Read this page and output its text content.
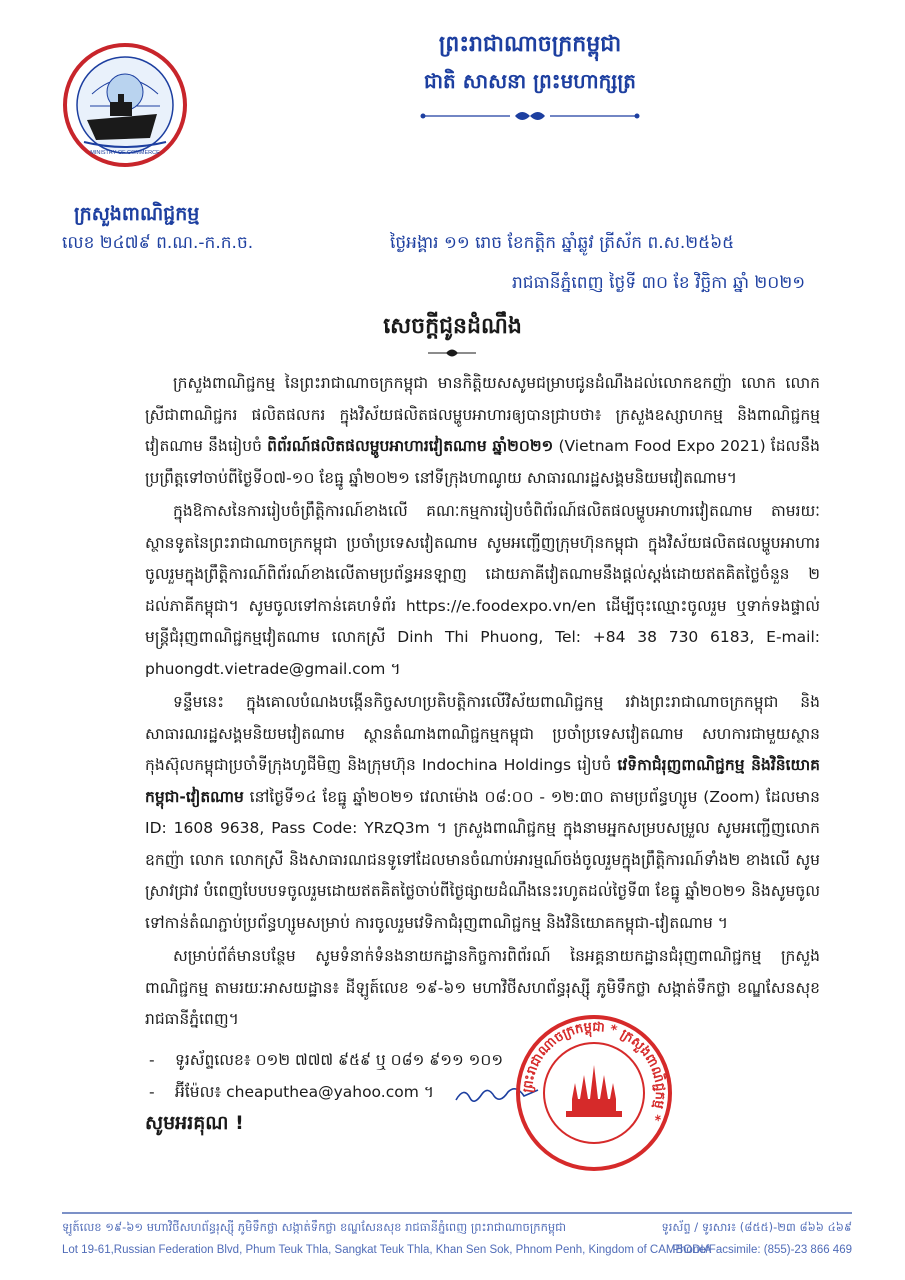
MINISTRY OF COMMERCE
ក្រសួងពាណិជ្ជកម្ម
ព្រះរាជាណាចក្រកម្ពុជា
ជាតិ សាសនា ព្រះមហាក្សត្រ
លេខ ២៤៧៩ ព.ណ.-ក.ក.ច.	ថ្ងៃអង្គារ ១១ រោច ខែកត្តិក ឆ្នាំឆ្លូវ ត្រីស័ក ព.ស.២៥៦៥
រាជធានីភ្នំពេញ ថ្ងៃទី ៣០ ខែ វិច្ឆិកា ឆ្នាំ ២០២១
សេចក្តីជូនដំណឹង

ក្រសួងពាណិជ្ជកម្ម នៃព្រះរាជាណាចក្រកម្ពុជា មានកិត្តិយសសូមជម្រាបជូនដំណឹងដល់លោកឧកញ៉ា លោក លោកស្រីជាពាណិជ្ជករ ផលិតផលករ ក្នុងវិស័យផលិតផលម្ហូបអាហារឲ្យបានជ្រាបថា៖ ក្រសួងឧស្សាហកម្ម និងពាណិជ្ជកម្មវៀតណាម នឹងរៀបចំ ពិព័រណ៍ផលិតផលម្ហូបអាហារវៀតណាម ឆ្នាំ២០២១ (Vietnam Food Expo 2021) ដែលនឹងប្រព្រឹត្តទៅចាប់ពីថ្ងៃទី០៧-១០ ខែធ្នូ ឆ្នាំ២០២១ នៅទីក្រុងហាណូយ សាធារណរដ្ឋសង្គមនិយមវៀតណាម។

ក្នុងឱកាសនៃការរៀបចំព្រឹត្តិការណ៍ខាងលើ គណៈកម្មការរៀបចំពិព័រណ៍ផលិតផលម្ហូបអាហារវៀតណាម តាមរយៈស្ថានទូតនៃព្រះរាជាណាចក្រកម្ពុជា ប្រចាំប្រទេសវៀតណាម សូមអញ្ជើញក្រុមហ៊ុនកម្ពុជា ក្នុងវិស័យផលិតផលម្ហូបអាហារ ចូលរួមក្នុងព្រឹត្តិការណ៍ពិព័រណ៍ខាងលើតាមប្រព័ន្ធអនឡាញ ដោយភាគីវៀតណាមនឹងផ្តល់ស្តង់ដោយឥតគិតថ្លៃចំនួន ២ ដល់ភាគីកម្ពុជា។ សូមចូលទៅកាន់គេហទំព័រ https://e.foodexpo.vn/en ដើម្បីចុះឈ្មោះចូលរួម ឬទាក់ទងផ្ទាល់មន្ត្រីជំរុញពាណិជ្ជកម្មវៀតណាម លោកស្រី Dinh Thi Phuong, Tel: +84 38 730 6183, E-mail: phuongdt.vietrade@gmail.com ។

ទន្ទឹមនេះ ក្នុងគោលបំណងបង្កើនកិច្ចសហប្រតិបត្តិការលើវិស័យពាណិជ្ជកម្ម រវាងព្រះរាជាណាចក្រកម្ពុជា និងសាធារណរដ្ឋសង្គមនិយមវៀតណាម ស្ថានតំណាងពាណិជ្ជកម្មកម្ពុជា ប្រចាំប្រទេសវៀតណាម សហការជាមួយស្ថានកុងស៊ុលកម្ពុជាប្រចាំទីក្រុងហូជីមិញ និងក្រុមហ៊ុន Indochina Holdings រៀបចំ វេទិកាជំរុញពាណិជ្ជកម្ម និងវិនិយោគកម្ពុជា-វៀតណាម នៅថ្ងៃទី១៤ ខែធ្នូ ឆ្នាំ២០២១ វេលាម៉ោង ០៨:០០ - ១២:៣០ តាមប្រព័ន្ធហ្សូម (Zoom) ដែលមាន ID: 1608 9638, Pass Code: YRzQ3m ។ ក្រសួងពាណិជ្ជកម្ម ក្នុងនាមអ្នកសម្របសម្រួល សូមអញ្ជើញលោកឧកញ៉ា លោក លោកស្រី និងសាធារណជនទូទៅដែលមានចំណាប់អារម្មណ៍ចង់ចូលរួមក្នុងព្រឹត្តិការណ៍ទាំង២ ខាងលើ សូមស្រាវជ្រាវ បំពេញបែបបទចូលរួមដោយឥតគិតថ្លៃចាប់ពីថ្ងៃផ្សាយដំណឹងនេះរហូតដល់ថ្ងៃទី៣ ខែធ្នូ ឆ្នាំ២០២១ និងសូមចូលទៅកាន់តំណភ្ជាប់ប្រព័ន្ធហ្សូមសម្រាប់ ការចូលរួមវេទិកាជំរុញពាណិជ្ជកម្ម និងវិនិយោគកម្ពុជា-វៀតណាម ។

សម្រាប់ព័ត៌មានបន្ថែម សូមទំនាក់ទំនងនាយកដ្ឋានកិច្ចការពិព័រណ៍ នៃអគ្គនាយកដ្ឋានជំរុញពាណិជ្ជកម្ម ក្រសួងពាណិជ្ជកម្ម តាមរយៈអាសយដ្ឋាន៖ ដីឡូត៍លេខ ១៩-៦១ មហាវិថីសហព័ន្ធរុស្ស៊ី ភូមិទឹកថ្លា សង្កាត់ទឹកថ្លា ខណ្ឌសែនសុខ រាជធានីភ្នំពេញ។

- ទូរស័ព្ទលេខ៖ ០១២ ៧៧៧ ៩៥៩ ឬ ០៨១ ៩១១ ១០១
- អ៊ីម៉ែល៖ cheaputhea@yahoo.com ។

សូមអរគុណ !

ព្រះរាជាណាចក្រកម្ពុជា * ក្រសួងពាណិជ្ជកម្ម *
ឡូត៍លេខ ១៩-៦១ មហាវិថីសហព័ន្ធរុស្ស៊ី ភូមិទឹកថ្លា សង្កាត់ទឹកថ្លា ខណ្ឌសែនសុខ រាជធានីភ្នំពេញ ព្រះរាជាណាចក្រកម្ពុជា	ទូរស័ព្ទ / ទូរសារ៖ (៨៥៥)-២៣ ៨៦៦ ៤៦៩
Lot 19-61,Russian Federation Blvd, Phum Teuk Thla, Sangkat Teuk Thla, Khan Sen Sok, Phnom Penh, Kingdom of CAMBODIA
Phone/Facsimile: (855)-23 866 469
